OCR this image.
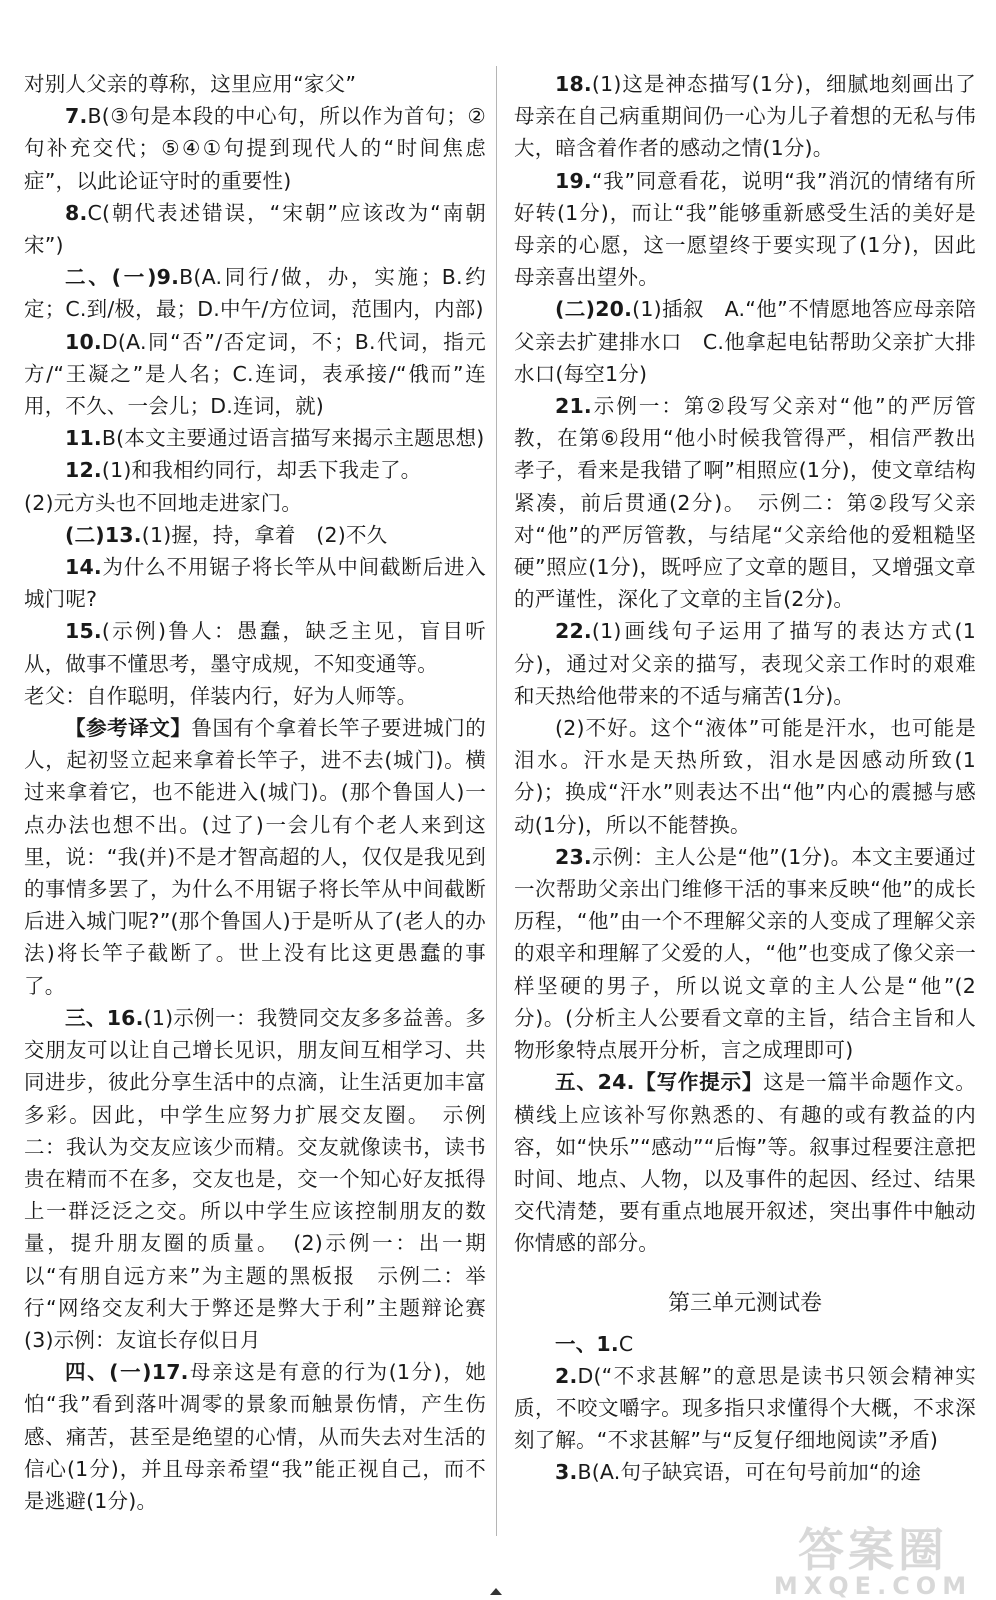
对别人父亲的尊称，这里应用“家父”

7.B(③句是本段的中心句，所以作为首句；②句补充交代；⑤④①句提到现代人的“时间焦虑症”，以此论证守时的重要性)

8.C(朝代表述错误，“宋朝”应该改为“南朝宋”)

二、(一)9.B(A.同行/做，办，实施；B.约定；C.到/极，最；D.中午/方位词，范围内，内部)

10.D(A.同“否”/否定词，不；B.代词，指元方/“王凝之”是人名；C.连词，表承接/“俄而”连用，不久、一会儿；D.连词，就)

11.B(本文主要通过语言描写来揭示主题思想)

12.(1)和我相约同行，却丢下我走了。

(2)元方头也不回地走进家门。

(二)13.(1)握，持，拿着　(2)不久

14.为什么不用锯子将长竿从中间截断后进入城门呢?

15.(示例)鲁人：愚蠢，缺乏主见，盲目听从，做事不懂思考，墨守成规，不知变通等。

老父：自作聪明，佯装内行，好为人师等。

【参考译文】鲁国有个拿着长竿子要进城门的人，起初竖立起来拿着长竿子，进不去(城门)。横过来拿着它，也不能进入(城门)。(那个鲁国人)一点办法也想不出。(过了)一会儿有个老人来到这里，说：“我(并)不是才智高超的人，仅仅是我见到的事情多罢了，为什么不用锯子将长竿从中间截断后进入城门呢?”(那个鲁国人)于是听从了(老人的办法)将长竿子截断了。世上没有比这更愚蠢的事了。

三、16.(1)示例一：我赞同交友多多益善。多交朋友可以让自己增长见识，朋友间互相学习、共同进步，彼此分享生活中的点滴，让生活更加丰富多彩。因此，中学生应努力扩展交友圈。　示例二：我认为交友应该少而精。交友就像读书，读书贵在精而不在多，交友也是，交一个知心好友抵得上一群泛泛之交。所以中学生应该控制朋友的数量，提升朋友圈的质量。　(2)示例一：出一期以“有朋自远方来”为主题的黑板报　示例二：举行“网络交友利大于弊还是弊大于利”主题辩论赛　(3)示例：友谊长存似日月

四、(一)17.母亲这是有意的行为(1分)，她怕“我”看到落叶凋零的景象而触景伤情，产生伤感、痛苦，甚至是绝望的心情，从而失去对生活的信心(1分)，并且母亲希望“我”能正视自己，而不是逃避(1分)。

18.(1)这是神态描写(1分)，细腻地刻画出了母亲在自己病重期间仍一心为儿子着想的无私与伟大，暗含着作者的感动之情(1分)。

19.“我”同意看花，说明“我”消沉的情绪有所好转(1分)，而让“我”能够重新感受生活的美好是母亲的心愿，这一愿望终于要实现了(1分)，因此母亲喜出望外。

(二)20.(1)插叙　A.“他”不情愿地答应母亲陪父亲去扩建排水口　C.他拿起电钻帮助父亲扩大排水口(每空1分)

21.示例一：第②段写父亲对“他”的严厉管教，在第⑥段用“他小时候我管得严，相信严教出孝子，看来是我错了啊”相照应(1分)，使文章结构紧凑，前后贯通(2分)。　示例二：第②段写父亲对“他”的严厉管教，与结尾“父亲给他的爱粗糙坚硬”照应(1分)，既呼应了文章的题目，又增强文章的严谨性，深化了文章的主旨(2分)。

22.(1)画线句子运用了描写的表达方式(1分)，通过对父亲的描写，表现父亲工作时的艰难和天热给他带来的不适与痛苦(1分)。

(2)不好。这个“液体”可能是汗水，也可能是泪水。汗水是天热所致，泪水是因感动所致(1分)；换成“汗水”则表达不出“他”内心的震撼与感动(1分)，所以不能替换。

23.示例：主人公是“他”(1分)。本文主要通过一次帮助父亲出门维修干活的事来反映“他”的成长历程，“他”由一个不理解父亲的人变成了理解父亲的艰辛和理解了父爱的人，“他”也变成了像父亲一样坚硬的男子，所以说文章的主人公是“他”(2分)。(分析主人公要看文章的主旨，结合主旨和人物形象特点展开分析，言之成理即可)

五、24.【写作提示】这是一篇半命题作文。横线上应该补写你熟悉的、有趣的或有教益的内容，如“快乐”“感动”“后悔”等。叙事过程要注意把时间、地点、人物，以及事件的起因、经过、结果交代清楚，要有重点地展开叙述，突出事件中触动你情感的部分。

第三单元测试卷

一、1.C

2.D(“不求甚解”的意思是读书只领会精神实质，不咬文嚼字。现多指只求懂得个大概，不求深刻了解。“不求甚解”与“反复仔细地阅读”矛盾)

3.B(A.句子缺宾语，可在句号前加“的途

答案圈
MXQE.COM
